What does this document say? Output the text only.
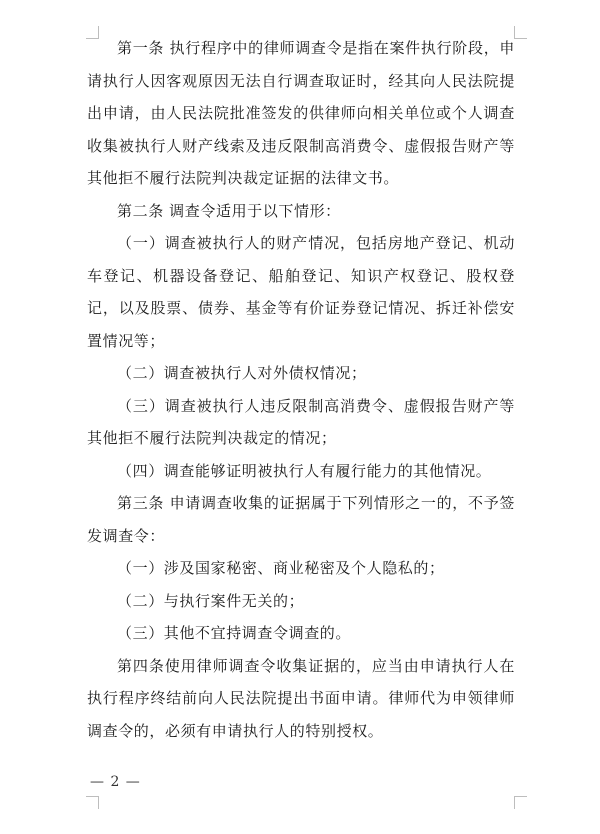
第一条 执行程序中的律师调查令是指在案件执行阶段，申请执行人因客观原因无法自行调查取证时，经其向人民法院提出申请，由人民法院批准签发的供律师向相关单位或个人调查收集被执行人财产线索及违反限制高消费令、虚假报告财产等其他拒不履行法院判决裁定证据的法律文书。

第二条 调查令适用于以下情形：

（一）调查被执行人的财产情况，包括房地产登记、机动车登记、机器设备登记、船舶登记、知识产权登记、股权登记，以及股票、债券、基金等有价证券登记情况、拆迁补偿安置情况等；

（二）调查被执行人对外债权情况；

（三）调查被执行人违反限制高消费令、虚假报告财产等其他拒不履行法院判决裁定的情况；

（四）调查能够证明被执行人有履行能力的其他情况。

第三条 申请调查收集的证据属于下列情形之一的，不予签发调查令：

（一）涉及国家秘密、商业秘密及个人隐私的；

（二）与执行案件无关的；

（三）其他不宜持调查令调查的。

第四条使用律师调查令收集证据的，应当由申请执行人在执行程序终结前向人民法院提出书面申请。律师代为申领律师调查令的，必须有申请执行人的特别授权。

— 2 —
